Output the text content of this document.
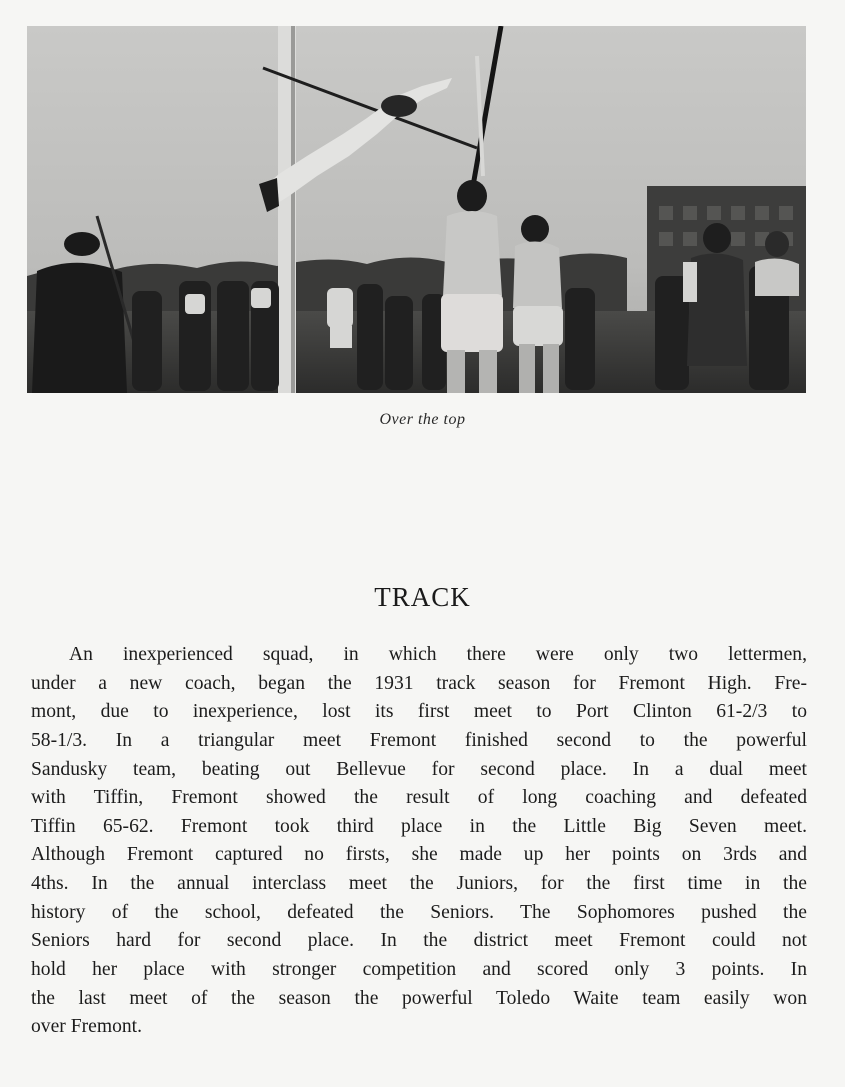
Over the top
TRACK
An inexperienced squad, in which there were only two lettermen,
under a new coach, began the 1931 track season for Fremont High. Fre-
mont, due to inexperience, lost its first meet to Port Clinton 61-2/3 to
58-1/3. In a triangular meet Fremont finished second to the powerful
Sandusky team, beating out Bellevue for second place. In a dual meet
with Tiffin, Fremont showed the result of long coaching and defeated
Tiffin 65-62. Fremont took third place in the Little Big Seven meet.
Although Fremont captured no firsts, she made up her points on 3rds and
4ths. In the annual interclass meet the Juniors, for the first time in the
history of the school, defeated the Seniors. The Sophomores pushed the
Seniors hard for second place. In the district meet Fremont could not
hold her place with stronger competition and scored only 3 points. In
the last meet of the season the powerful Toledo Waite team easily won
over Fremont.
